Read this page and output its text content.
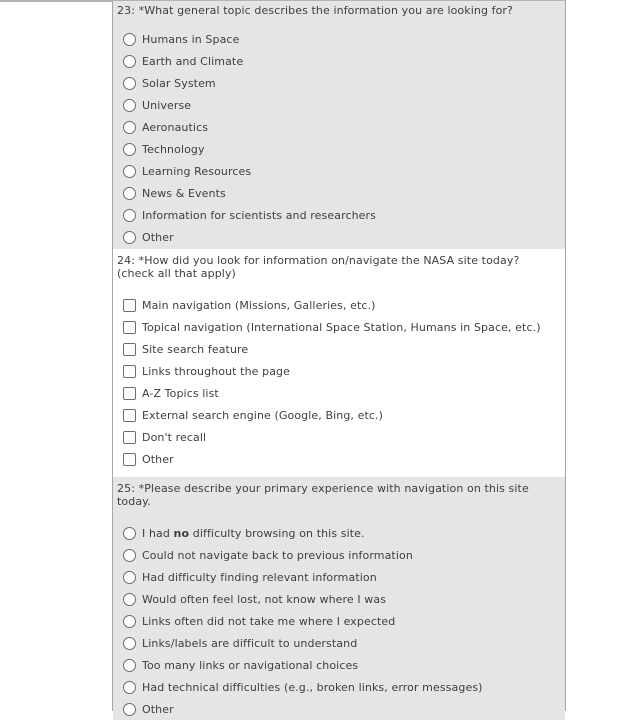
23: *What general topic describes the information you are looking for?
Humans in Space
Earth and Climate
Solar System
Universe
Aeronautics
Technology
Learning Resources
News & Events
Information for scientists and researchers
Other
24: *How did you look for information on/navigate the NASA site today?
(check all that apply)
Main navigation (Missions, Galleries, etc.)
Topical navigation (International Space Station, Humans in Space, etc.)
Site search feature
Links throughout the page
A-Z Topics list
External search engine (Google, Bing, etc.)
Don't recall
Other
25: *Please describe your primary experience with navigation on this site
today.
I had no difficulty browsing on this site.
Could not navigate back to previous information
Had difficulty finding relevant information
Would often feel lost, not know where I was
Links often did not take me where I expected
Links/labels are difficult to understand
Too many links or navigational choices
Had technical difficulties (e.g., broken links, error messages)
Other
